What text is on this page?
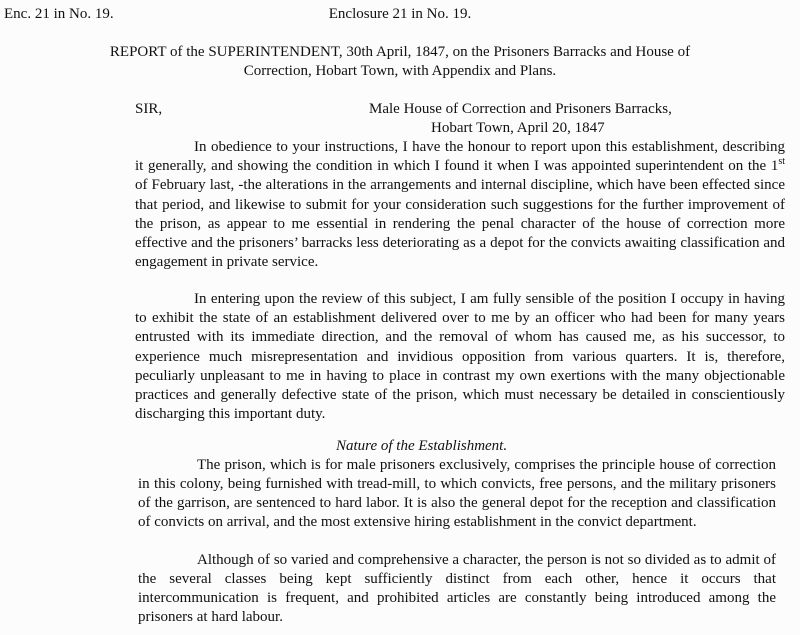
Enc. 21 in No. 19.	Enclosure 21 in No. 19.
REPORT of the SUPERINTENDENT, 30th April, 1847, on the Prisoners Barracks and House of
Correction, Hobart Town, with Appendix and Plans.
SIR,	Male House of Correction and Prisoners Barracks,
Hobart Town, April 20, 1847
In obedience to your instructions, I have the honour to report upon this establishment, describing it generally, and showing the condition in which I found it when I was appointed superintendent on the 1st of February last, -the alterations in the arrangements and internal discipline, which have been effected since that period, and likewise to submit for your consideration such suggestions for the further improvement of the prison, as appear to me essential in rendering the penal character of the house of correction more effective and the prisoners’ barracks less deteriorating as a depot for the convicts awaiting classification and engagement in private service.
In entering upon the review of this subject, I am fully sensible of the position I occupy in having to exhibit the state of an establishment delivered over to me by an officer who had been for many years entrusted with its immediate direction, and the removal of whom has caused me, as his successor, to experience much misrepresentation and invidious opposition from various quarters. It is, therefore, peculiarly unpleasant to me in having to place in contrast my own exertions with the many objectionable practices and generally defective state of the prison, which must necessary be detailed in conscientiously discharging this important duty.
Nature of the Establishment.
The prison, which is for male prisoners exclusively, comprises the principle house of correction in this colony, being furnished with tread-mill, to which convicts, free persons, and the military prisoners of the garrison, are sentenced to hard labor. It is also the general depot for the reception and classification of convicts on arrival, and the most extensive hiring establishment in the convict department.
Although of so varied and comprehensive a character, the person is not so divided as to admit of the several classes being kept sufficiently distinct from each other, hence it occurs that intercommunication is frequent, and prohibited articles are constantly being introduced among the prisoners at hard labour.
